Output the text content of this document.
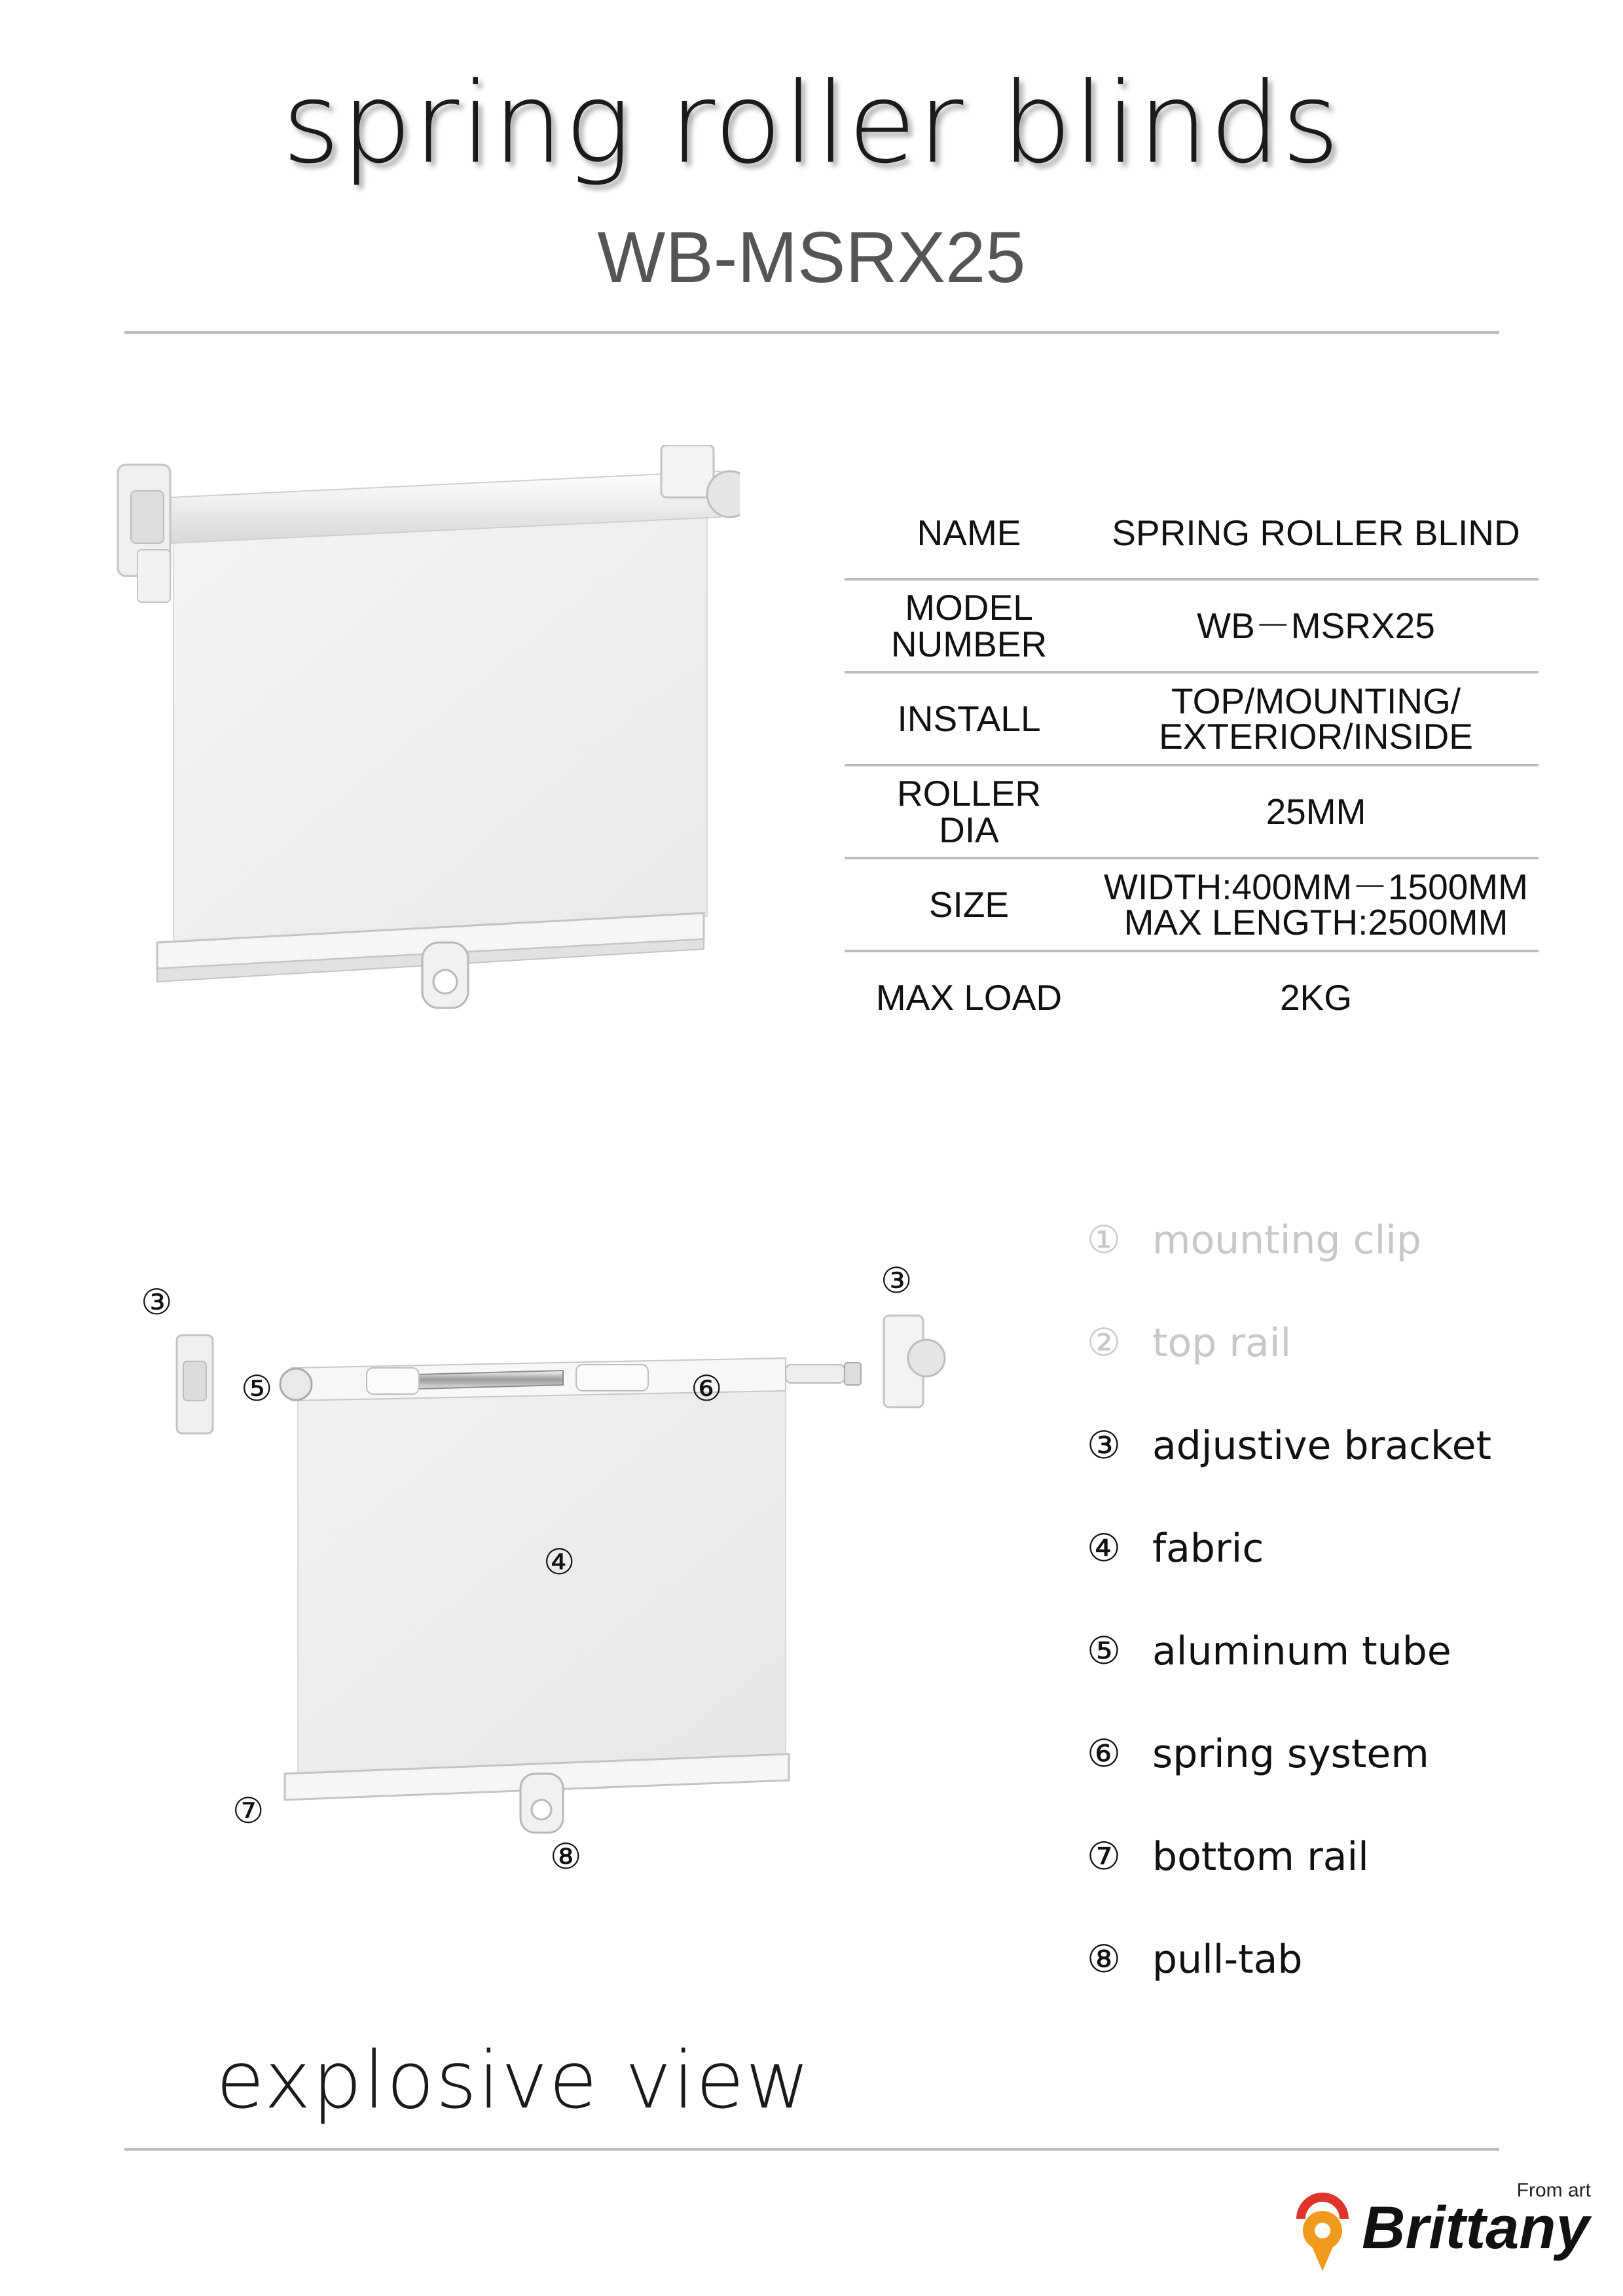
spring roller blinds
WB-MSRX25
NAME	SPRING ROLLER BLIND
MODEL
NUMBER	WB－MSRX25
INSTALL	TOP/MOUNTING/
EXTERIOR/INSIDE
ROLLER
DIA	25MM
SIZE	WIDTH:400MM－1500MM
MAX LENGTH:2500MM
MAX LOAD	2KG
③
③
⑤	⑥
④
⑦
⑧
① mounting clip
② top rail
③ adjustive bracket
④ fabric
⑤ aluminum tube
⑥ spring system
⑦ bottom rail
⑧ pull-tab
explosive view
From art
Brittany
